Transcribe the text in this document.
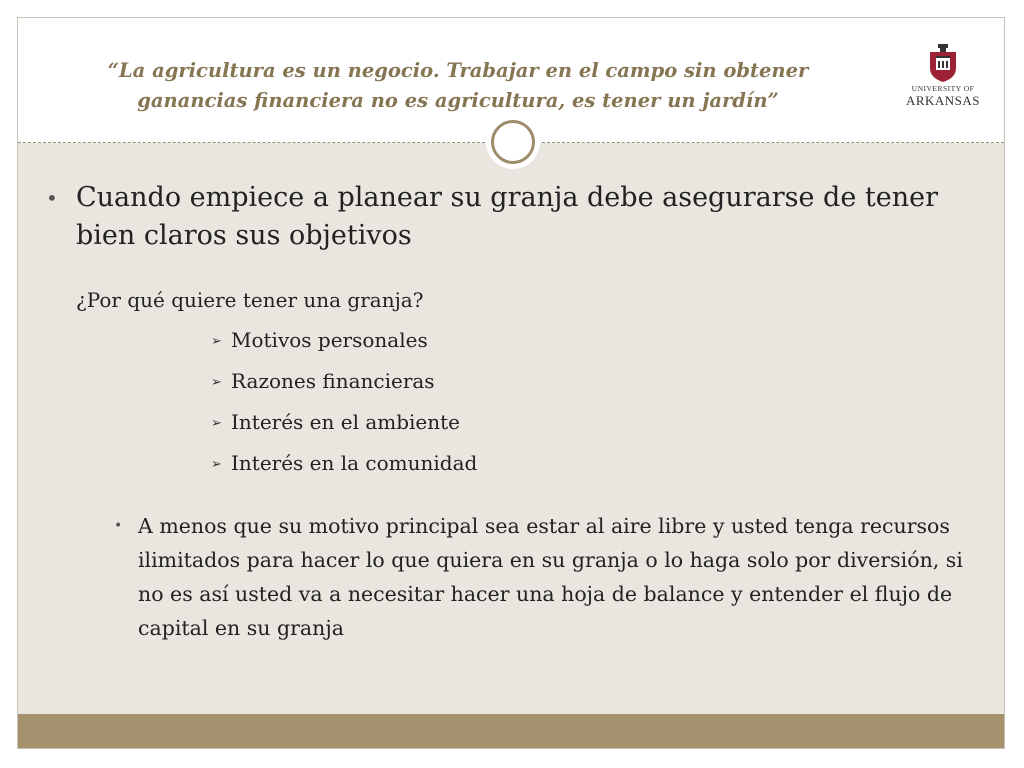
“La agricultura es un negocio. Trabajar en el campo sin obtener
ganancias financiera no es agricultura, es tener un jardín”

UNIVERSITY OF
ARKANSAS
• Cuando empiece a planear su granja debe asegurarse de tener bien claros sus objetivos
¿Por qué quiere tener una granja?
➢ Motivos personales
➢ Razones financieras
➢ Interés en el ambiente
➢ Interés en la comunidad
• A menos que su motivo principal sea estar al aire libre y usted tenga recursos ilimitados para hacer lo que quiera en su granja o lo haga solo por diversión, si no es así usted va a necesitar hacer una hoja de balance y entender el flujo de capital en su granja
